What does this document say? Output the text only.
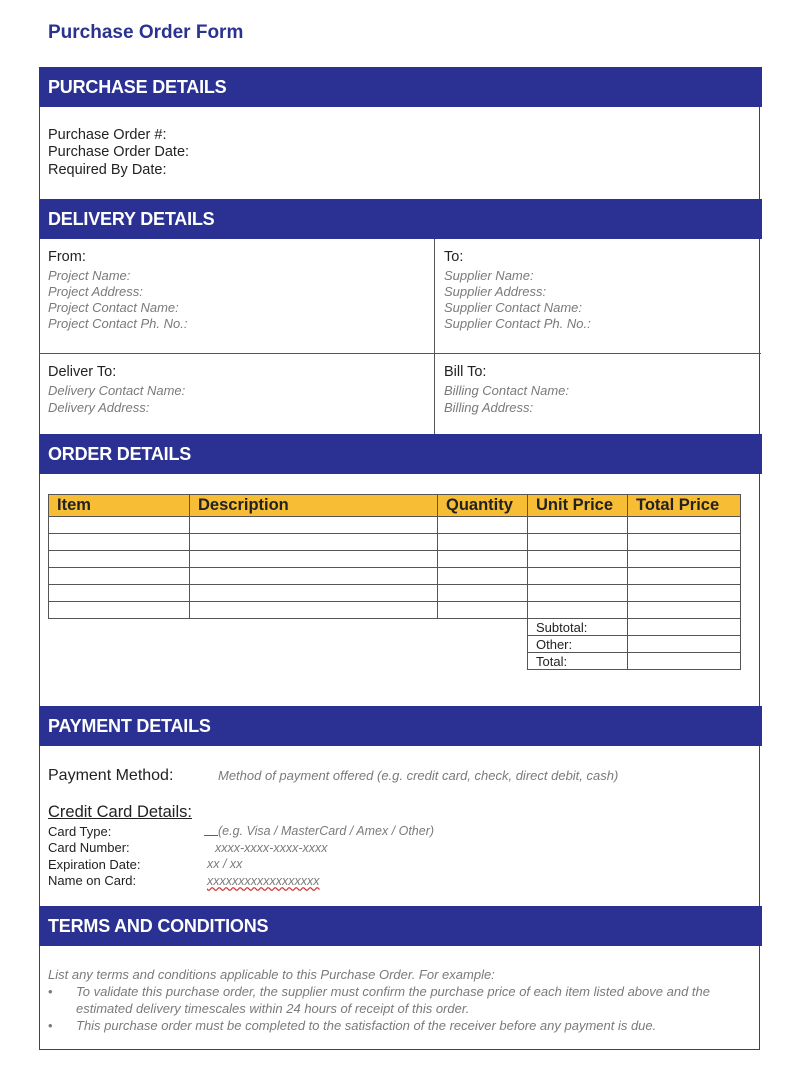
Purchase Order Form
PURCHASE DETAILS
Purchase Order #:
Purchase Order Date:
Required By Date:
DELIVERY DETAILS
From:
Project Name:
Project Address:
Project Contact Name:
Project Contact Ph. No.:
To:
Supplier Name:
Supplier Address:
Supplier Contact Name:
Supplier Contact Ph. No.:
Deliver To:
Delivery Contact Name:
Delivery Address:
Bill To:
Billing Contact Name:
Billing Address:
ORDER DETAILS
Item	Description	Quantity	Unit Price	Total Price

Subtotal:	
Other:	
Total:	
PAYMENT DETAILS
Payment Method:	Method of payment offered (e.g. credit card, check, direct debit, cash)
Credit Card Details:
Card Type:	(e.g. Visa / MasterCard / Amex / Other)
Card Number:	xxxx-xxxx-xxxx-xxxx
Expiration Date:	xx / xx
Name on Card:	xxxxxxxxxxxxxxxxxx
TERMS AND CONDITIONS
List any terms and conditions applicable to this Purchase Order. For example:
• To validate this purchase order, the supplier must confirm the purchase price of each item listed above and the estimated delivery timescales within 24 hours of receipt of this order.
• This purchase order must be completed to the satisfaction of the receiver before any payment is due.
